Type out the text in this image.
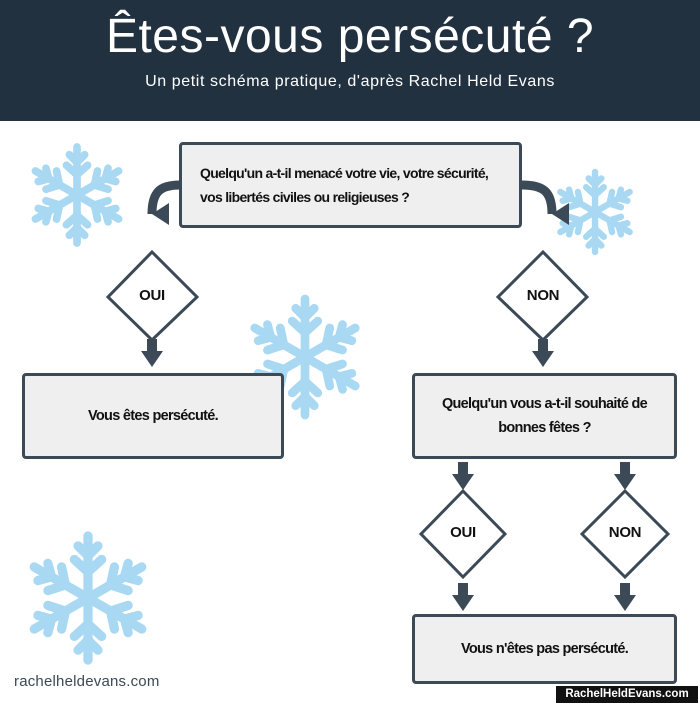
Êtes-vous persécuté ?
Un petit schéma pratique, d'après Rachel Held Evans
Quelqu'un a-t-il menacé votre vie, votre sécurité, vos libertés civiles ou religieuses ?
Vous êtes persécuté.
Quelqu'un vous a-t-il souhaité de bonnes fêtes ?
Vous n'êtes pas persécuté.
OUI	NON
OUI	NON
rachelheldevans.com
RachelHeldEvans.com
